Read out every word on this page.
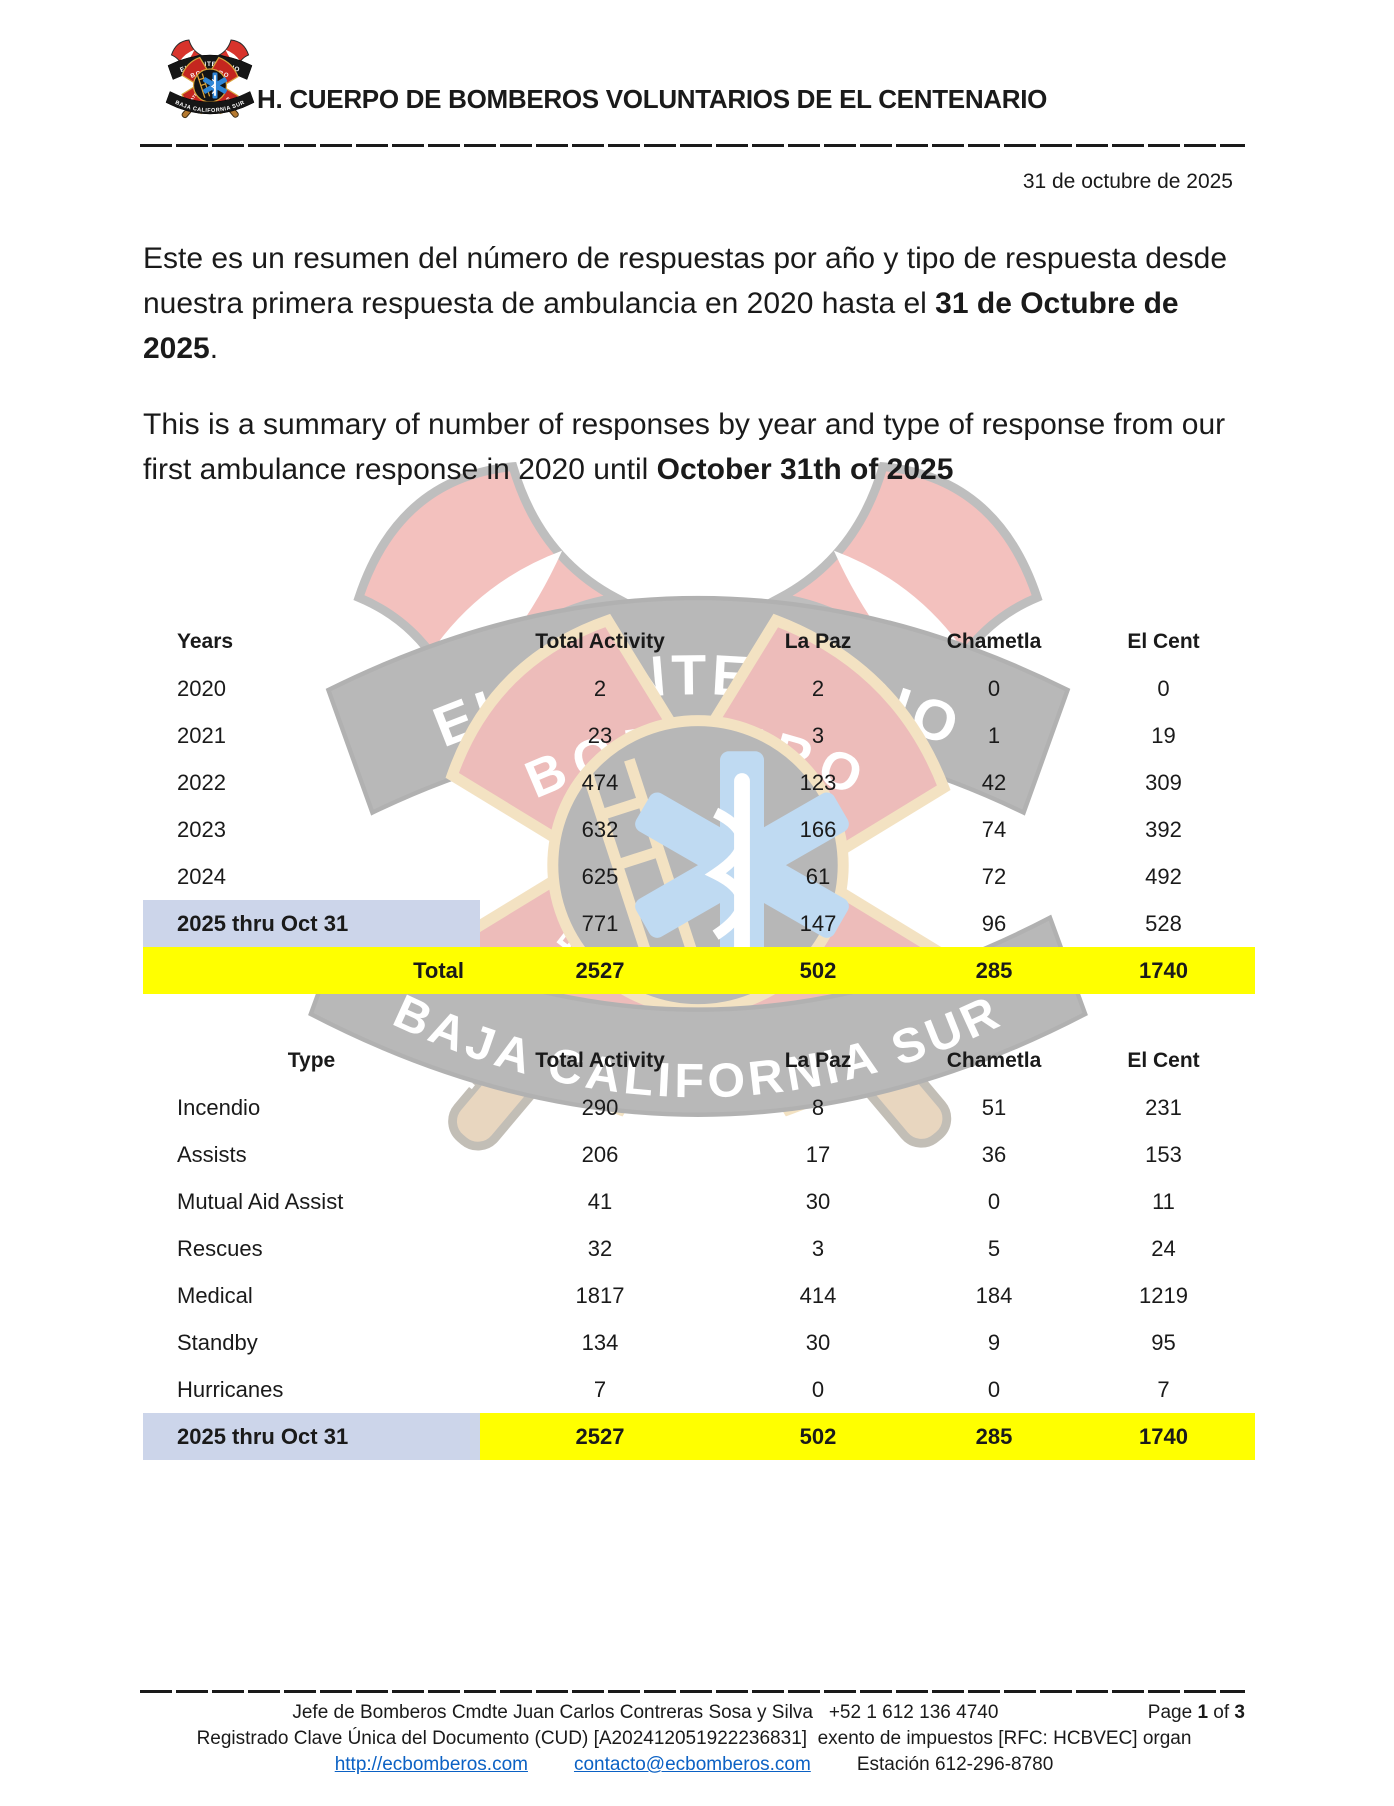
H. CUERPO DE BOMBEROS VOLUNTARIOS DE EL CENTENARIO
31 de octubre de 2025
Este es un resumen del número de respuestas por año y tipo de respuesta desde nuestra primera respuesta de ambulancia en 2020 hasta el 31 de Octubre de 2025.
This is a summary of number of responses by year and type of response from our first ambulance response in 2020 until October 31th of 2025
Years	Total Activity	La Paz	Chametla	El Cent
2020	2	2	0	0
2021	23	3	1	19
2022	474	123	42	309
2023	632	166	74	392
2024	625	61	72	492
2025 thru Oct 31	771	147	96	528
Total	2527	502	285	1740
Type	Total Activity	La Paz	Chametla	El Cent
Incendio	290	8	51	231
Assists	206	17	36	153
Mutual Aid Assist	41	30	0	11
Rescues	32	3	5	24
Medical	1817	414	184	1219
Standby	134	30	9	95
Hurricanes	7	0	0	7
2025 thru Oct 31	2527	502	285	1740
Jefe de Bomberos Cmdte Juan Carlos Contreras Sosa y Silva   +52 1 612 136 4740	Page 1 of 3
Registrado Clave Única del Documento (CUD) [A202412051922236831]  exento de impuestos [RFC: HCBVEC] organ
http://ecbomberos.com contacto@ecbomberos.com Estación 612-296-8780
